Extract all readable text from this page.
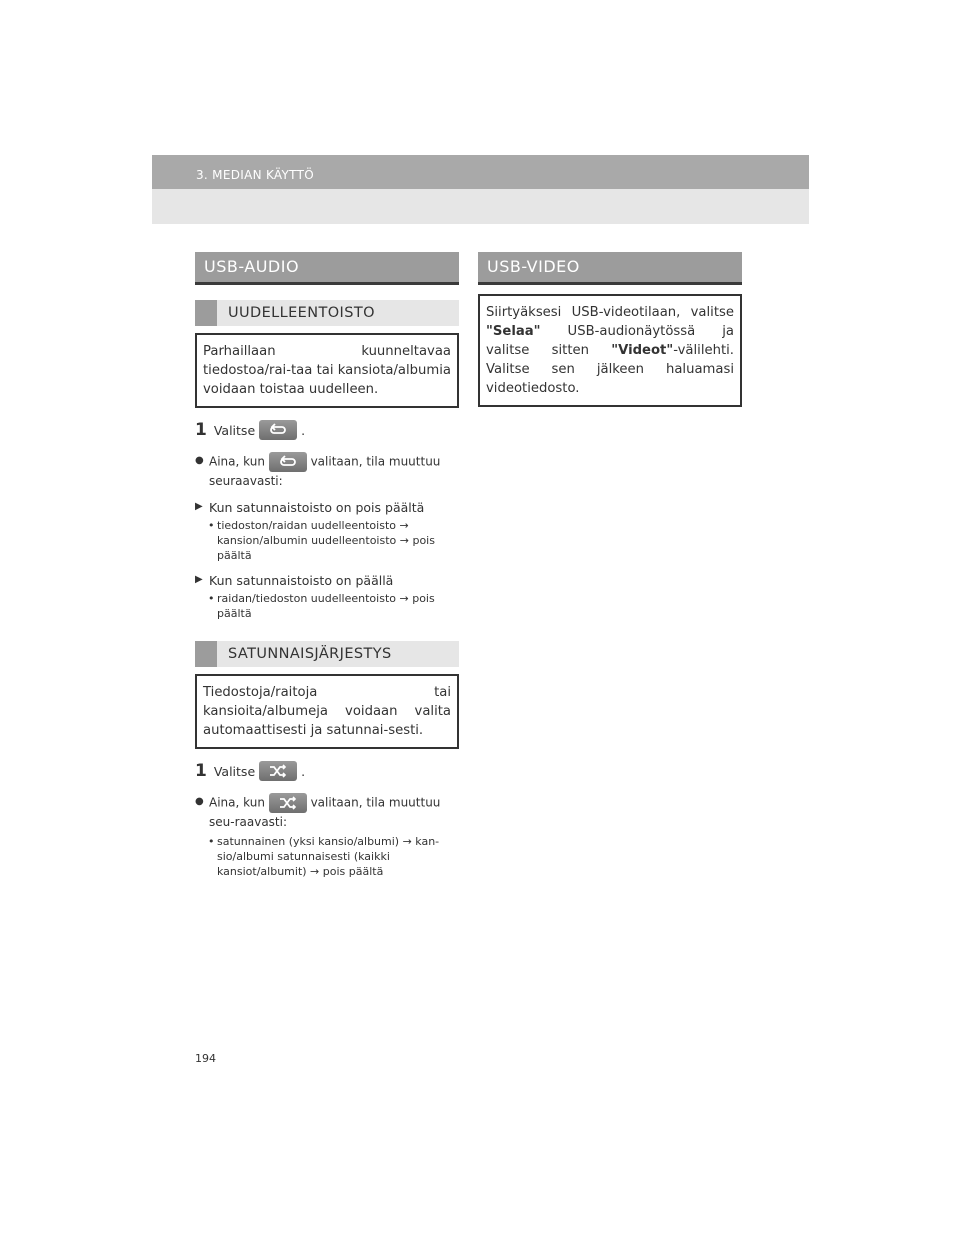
3. MEDIAN KÄYTTÖ
USB-AUDIO
UUDELLEENTOISTO
Parhaillaan kuunneltavaa tiedostoa/rai-taa tai kansiota/albumia voidaan toistaa uudelleen.
1 Valitse	.
● Aina, kun	valitaan, tila muuttuu seuraavasti:
▶ Kun satunnaistoisto on pois päältä
• tiedoston/raidan uudelleentoisto → kansion/albumin uudelleentoisto → pois päältä
▶ Kun satunnaistoisto on päällä
• raidan/tiedoston uudelleentoisto → pois päältä
SATUNNAISJÄRJESTYS
Tiedostoja/raitoja tai kansioita/albumeja voidaan valita automaattisesti ja satunnai-sesti.
1 Valitse	.
● Aina, kun	valitaan, tila muuttuu seu-raavasti:
• satunnainen (yksi kansio/albumi) → kan-sio/albumi satunnaisesti (kaikki kansiot/albumit) → pois päältä
USB-VIDEO
Siirtyäksesi USB-videotilaan, valitse "Selaa" USB-audionäytössä ja valitse sitten "Videot"-välilehti. Valitse sen jälkeen haluamasi videotiedosto.
194
